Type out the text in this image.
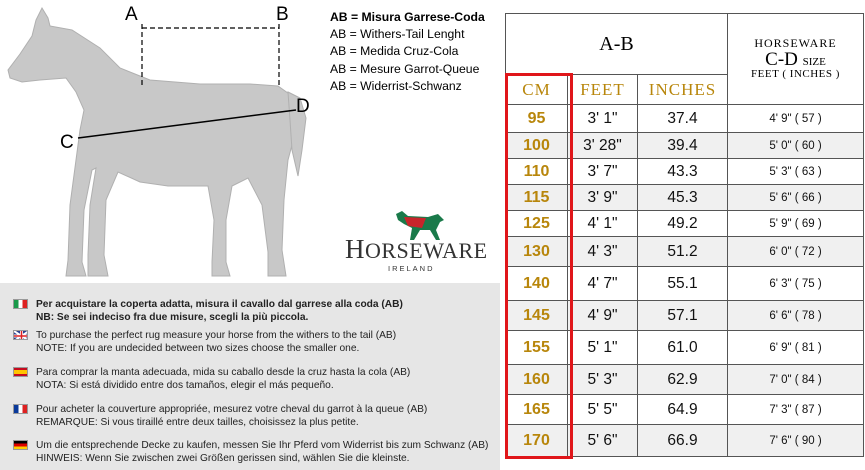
A	B
C
D
AB = Misura Garrese-Coda
AB = Withers-Tail Lenght
AB = Medida Cruz-Cola
AB = Mesure Garrot-Queue
AB = Widerrist-Schwanz
HORSEWARE
IRELAND
Per acquistare la coperta adatta, misura il cavallo dal garrese alla coda (AB)
NB: Se sei indeciso fra due misure, scegli la più piccola.
To purchase the perfect rug measure your horse from the withers to the tail (AB)
NOTE: If you are undecided between two sizes choose the smaller one.
Para comprar la manta adecuada, mida su caballo desde la cruz hasta la cola (AB)
NOTA: Si está dividido entre dos tamaños, elegir el más pequeño.
Pour acheter la couverture appropriée, mesurez votre cheval du garrot à la queue (AB)
REMARQUE: Si vous tiraillé entre deux tailles, choisissez la plus petite.
Um die entsprechende Decke zu kaufen, messen Sie Ihr Pferd vom Widerrist bis zum Schwanz (AB)
HINWEIS: Wenn Sie zwischen zwei Größen gerissen sind, wählen Sie die kleinste.
A-B			HORSEWARE
C-D SIZE
FEET ( INCHES )

CM	FEET	INCHES	
95	3' 1"	37.4	4' 9" ( 57 )
100	3' 28"	39.4	5' 0" ( 60 )
110	3' 7"	43.3	5' 3" ( 63 )
115	3' 9"	45.3	5' 6" ( 66 )
125	4' 1"	49.2	5' 9" ( 69 )
130	4' 3"	51.2	6' 0" ( 72 )
140	4' 7"	55.1	6' 3" ( 75 )
145	4' 9"	57.1	6' 6" ( 78 )
155	5' 1"	61.0	6' 9" ( 81 )
160	5' 3"	62.9	7' 0" ( 84 )
165	5' 5"	64.9	7' 3" ( 87 )
170	5' 6"	66.9	7' 6" ( 90 )
